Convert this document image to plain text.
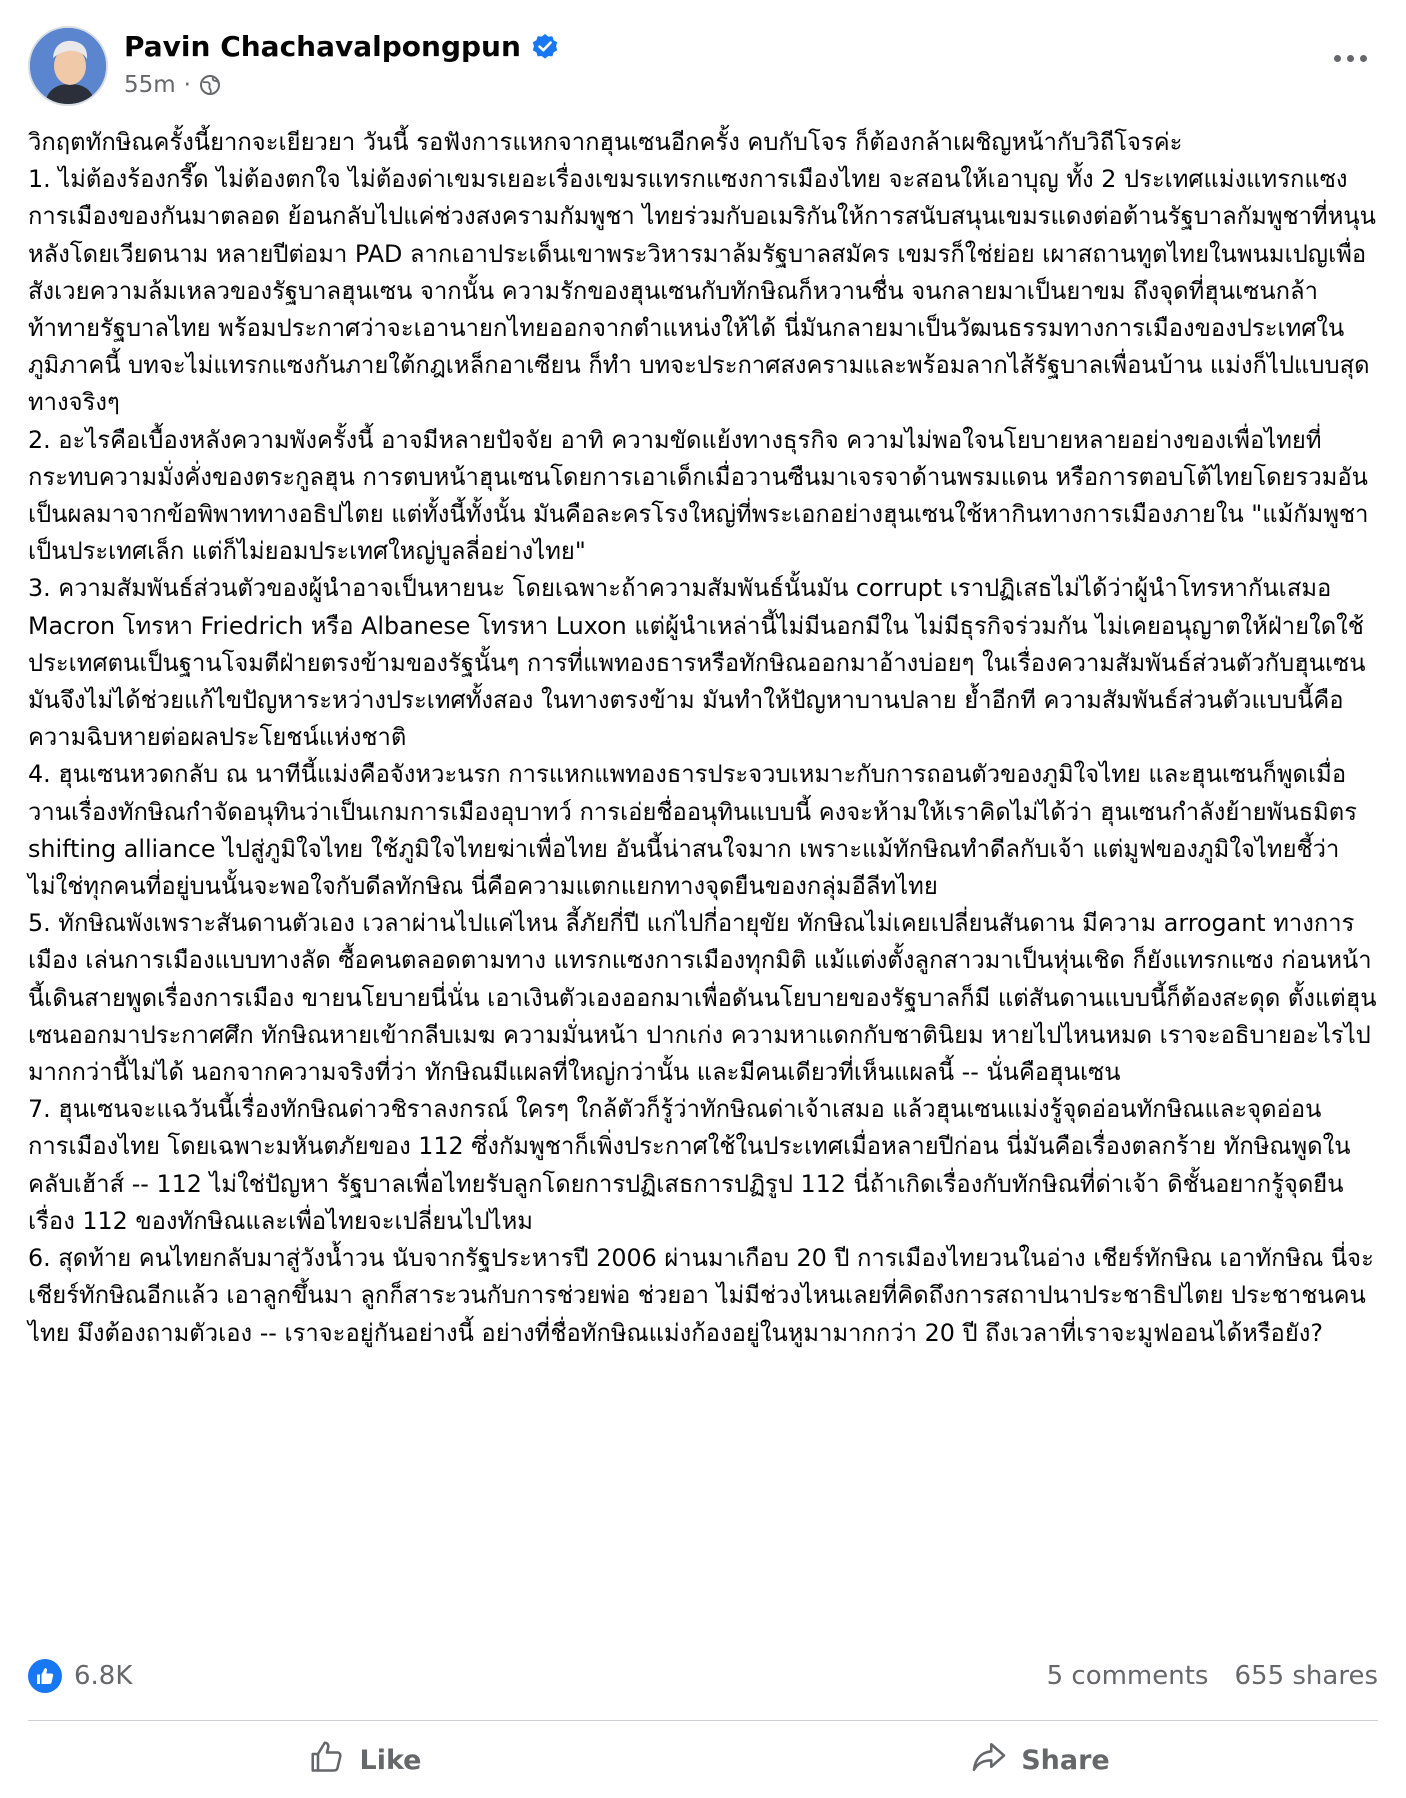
Pavin Chachavalpongpun
55m ·

วิกฤตทักษิณครั้งนี้ยากจะเยียวยา วันนี้ รอฟังการแหกจากฮุนเซนอีกครั้ง คบกับโจร ก็ต้องกล้าเผชิญหน้ากับวิถีโจรค่ะ

1. ไม่ต้องร้องกรี๊ด ไม่ต้องตกใจ ไม่ต้องด่าเขมรเยอะเรื่องเขมรแทรกแซงการเมืองไทย จะสอนให้เอาบุญ ทั้ง 2 ประเทศแม่งแทรกแซงการเมืองของกันมาตลอด ย้อนกลับไปแค่ช่วงสงครามกัมพูชา ไทยร่วมกับอเมริกันให้การสนับสนุนเขมรแดงต่อต้านรัฐบาลกัมพูชาที่หนุนหลังโดยเวียดนาม หลายปีต่อมา PAD ลากเอาประเด็นเขาพระวิหารมาล้มรัฐบาลสมัคร เขมรก็ใช่ย่อย เผาสถานทูตไทยในพนมเปญเพื่อสังเวยความล้มเหลวของรัฐบาลฮุนเซน จากนั้น ความรักของฮุนเซนกับทักษิณก็หวานชื่น จนกลายมาเป็นยาขม ถึงจุดที่ฮุนเซนกล้าท้าทายรัฐบาลไทย พร้อมประกาศว่าจะเอานายกไทยออกจากตำแหน่งให้ได้ นี่มันกลายมาเป็นวัฒนธรรมทางการเมืองของประเทศในภูมิภาคนี้ บทจะไม่แทรกแซงกันภายใต้กฎเหล็กอาเซียน ก็ทำ บทจะประกาศสงครามและพร้อมลากไส้รัฐบาลเพื่อนบ้าน แม่งก็ไปแบบสุดทางจริงๆ

2. อะไรคือเบื้องหลังความพังครั้งนี้ อาจมีหลายปัจจัย อาทิ ความขัดแย้งทางธุรกิจ ความไม่พอใจนโยบายหลายอย่างของเพื่อไทยที่กระทบความมั่งคั่งของตระกูลฮุน การตบหน้าฮุนเซนโดยการเอาเด็กเมื่อวานซืนมาเจรจาด้านพรมแดน หรือการตอบโต้ไทยโดยรวมอันเป็นผลมาจากข้อพิพาททางอธิปไตย แต่ทั้งนี้ทั้งนั้น มันคือละครโรงใหญ่ที่พระเอกอย่างฮุนเซนใช้หากินทางการเมืองภายใน "แม้กัมพูชาเป็นประเทศเล็ก แต่ก็ไม่ยอมประเทศใหญ่บูลลี่อย่างไทย"

3. ความสัมพันธ์ส่วนตัวของผู้นำอาจเป็นหายนะ โดยเฉพาะถ้าความสัมพันธ์นั้นมัน corrupt เราปฏิเสธไม่ได้ว่าผู้นำโทรหากันเสมอ Macron โทรหา Friedrich หรือ Albanese โทรหา Luxon แต่ผู้นำเหล่านี้ไม่มีนอกมีใน ไม่มีธุรกิจร่วมกัน ไม่เคยอนุญาตให้ฝ่ายใดใช้ประเทศตนเป็นฐานโจมตีฝ่ายตรงข้ามของรัฐนั้นๆ การที่แพทองธารหรือทักษิณออกมาอ้างบ่อยๆ ในเรื่องความสัมพันธ์ส่วนตัวกับฮุนเซนมันจึงไม่ได้ช่วยแก้ไขปัญหาระหว่างประเทศทั้งสอง ในทางตรงข้าม มันทำให้ปัญหาบานปลาย ย้ำอีกที ความสัมพันธ์ส่วนตัวแบบนี้คือความฉิบหายต่อผลประโยชน์แห่งชาติ

4. ฮุนเซนหวดกลับ ณ นาทีนี้แม่งคือจังหวะนรก การแหกแพทองธารประจวบเหมาะกับการถอนตัวของภูมิใจไทย และฮุนเซนก็พูดเมื่อวานเรื่องทักษิณกำจัดอนุทินว่าเป็นเกมการเมืองอุบาทว์ การเอ่ยชื่ออนุทินแบบนี้ คงจะห้ามให้เราคิดไม่ได้ว่า ฮุนเซนกำลังย้ายพันธมิตร shifting alliance ไปสู่ภูมิใจไทย ใช้ภูมิใจไทยฆ่าเพื่อไทย อันนี้น่าสนใจมาก เพราะแม้ทักษิณทำดีลกับเจ้า แต่มูฟของภูมิใจไทยชี้ว่า ไม่ใช่ทุกคนที่อยู่บนนั้นจะพอใจกับดีลทักษิณ นี่คือความแตกแยกทางจุดยืนของกลุ่มอีลีทไทย

5. ทักษิณพังเพราะสันดานตัวเอง เวลาผ่านไปแค่ไหน ลี้ภัยกี่ปี แก่ไปกี่อายุขัย ทักษิณไม่เคยเปลี่ยนสันดาน มีความ arrogant ทางการเมือง เล่นการเมืองแบบทางลัด ซื้อคนตลอดตามทาง แทรกแซงการเมืองทุกมิติ แม้แต่งตั้งลูกสาวมาเป็นหุ่นเชิด ก็ยังแทรกแซง ก่อนหน้านี้เดินสายพูดเรื่องการเมือง ขายนโยบายนี่นั่น เอาเงินตัวเองออกมาเพื่อดันนโยบายของรัฐบาลก็มี แต่สันดานแบบนี้ก็ต้องสะดุด ตั้งแต่ฮุนเซนออกมาประกาศศึก ทักษิณหายเข้ากลีบเมฆ ความมั่นหน้า ปากเก่ง ความหาแดกกับชาตินิยม หายไปไหนหมด เราจะอธิบายอะไรไปมากกว่านี้ไม่ได้ นอกจากความจริงที่ว่า ทักษิณมีแผลที่ใหญ่กว่านั้น และมีคนเดียวที่เห็นแผลนี้ -- นั่นคือฮุนเซน

7. ฮุนเซนจะแฉวันนี้เรื่องทักษิณด่าวชิราลงกรณ์ ใครๆ ใกล้ตัวก็รู้ว่าทักษิณด่าเจ้าเสมอ แล้วฮุนเซนแม่งรู้จุดอ่อนทักษิณและจุดอ่อนการเมืองไทย โดยเฉพาะมหันตภัยของ 112 ซึ่งกัมพูชาก็เพิ่งประกาศใช้ในประเทศเมื่อหลายปีก่อน นี่มันคือเรื่องตลกร้าย ทักษิณพูดในคลับเฮ้าส์ -- 112 ไม่ใช่ปัญหา รัฐบาลเพื่อไทยรับลูกโดยการปฏิเสธการปฏิรูป 112 นี่ถ้าเกิดเรื่องกับทักษิณที่ด่าเจ้า ดิชั้นอยากรู้จุดยืนเรื่อง 112 ของทักษิณและเพื่อไทยจะเปลี่ยนไปไหม

6. สุดท้าย คนไทยกลับมาสู่วังน้ำวน นับจากรัฐประหารปี 2006 ผ่านมาเกือบ 20 ปี การเมืองไทยวนในอ่าง เชียร์ทักษิณ เอาทักษิณ นี่จะเชียร์ทักษิณอีกแล้ว เอาลูกขึ้นมา ลูกก็สาระวนกับการช่วยพ่อ ช่วยอา ไม่มีช่วงไหนเลยที่คิดถึงการสถาปนาประชาธิปไตย ประชาชนคนไทย มึงต้องถามตัวเอง -- เราจะอยู่กันอย่างนี้ อย่างที่ชื่อทักษิณแม่งก้องอยู่ในหูมามากกว่า 20 ปี ถึงเวลาที่เราจะมูฟออนได้หรือยัง?

6.8K	5 comments 655 shares
Like	Share
